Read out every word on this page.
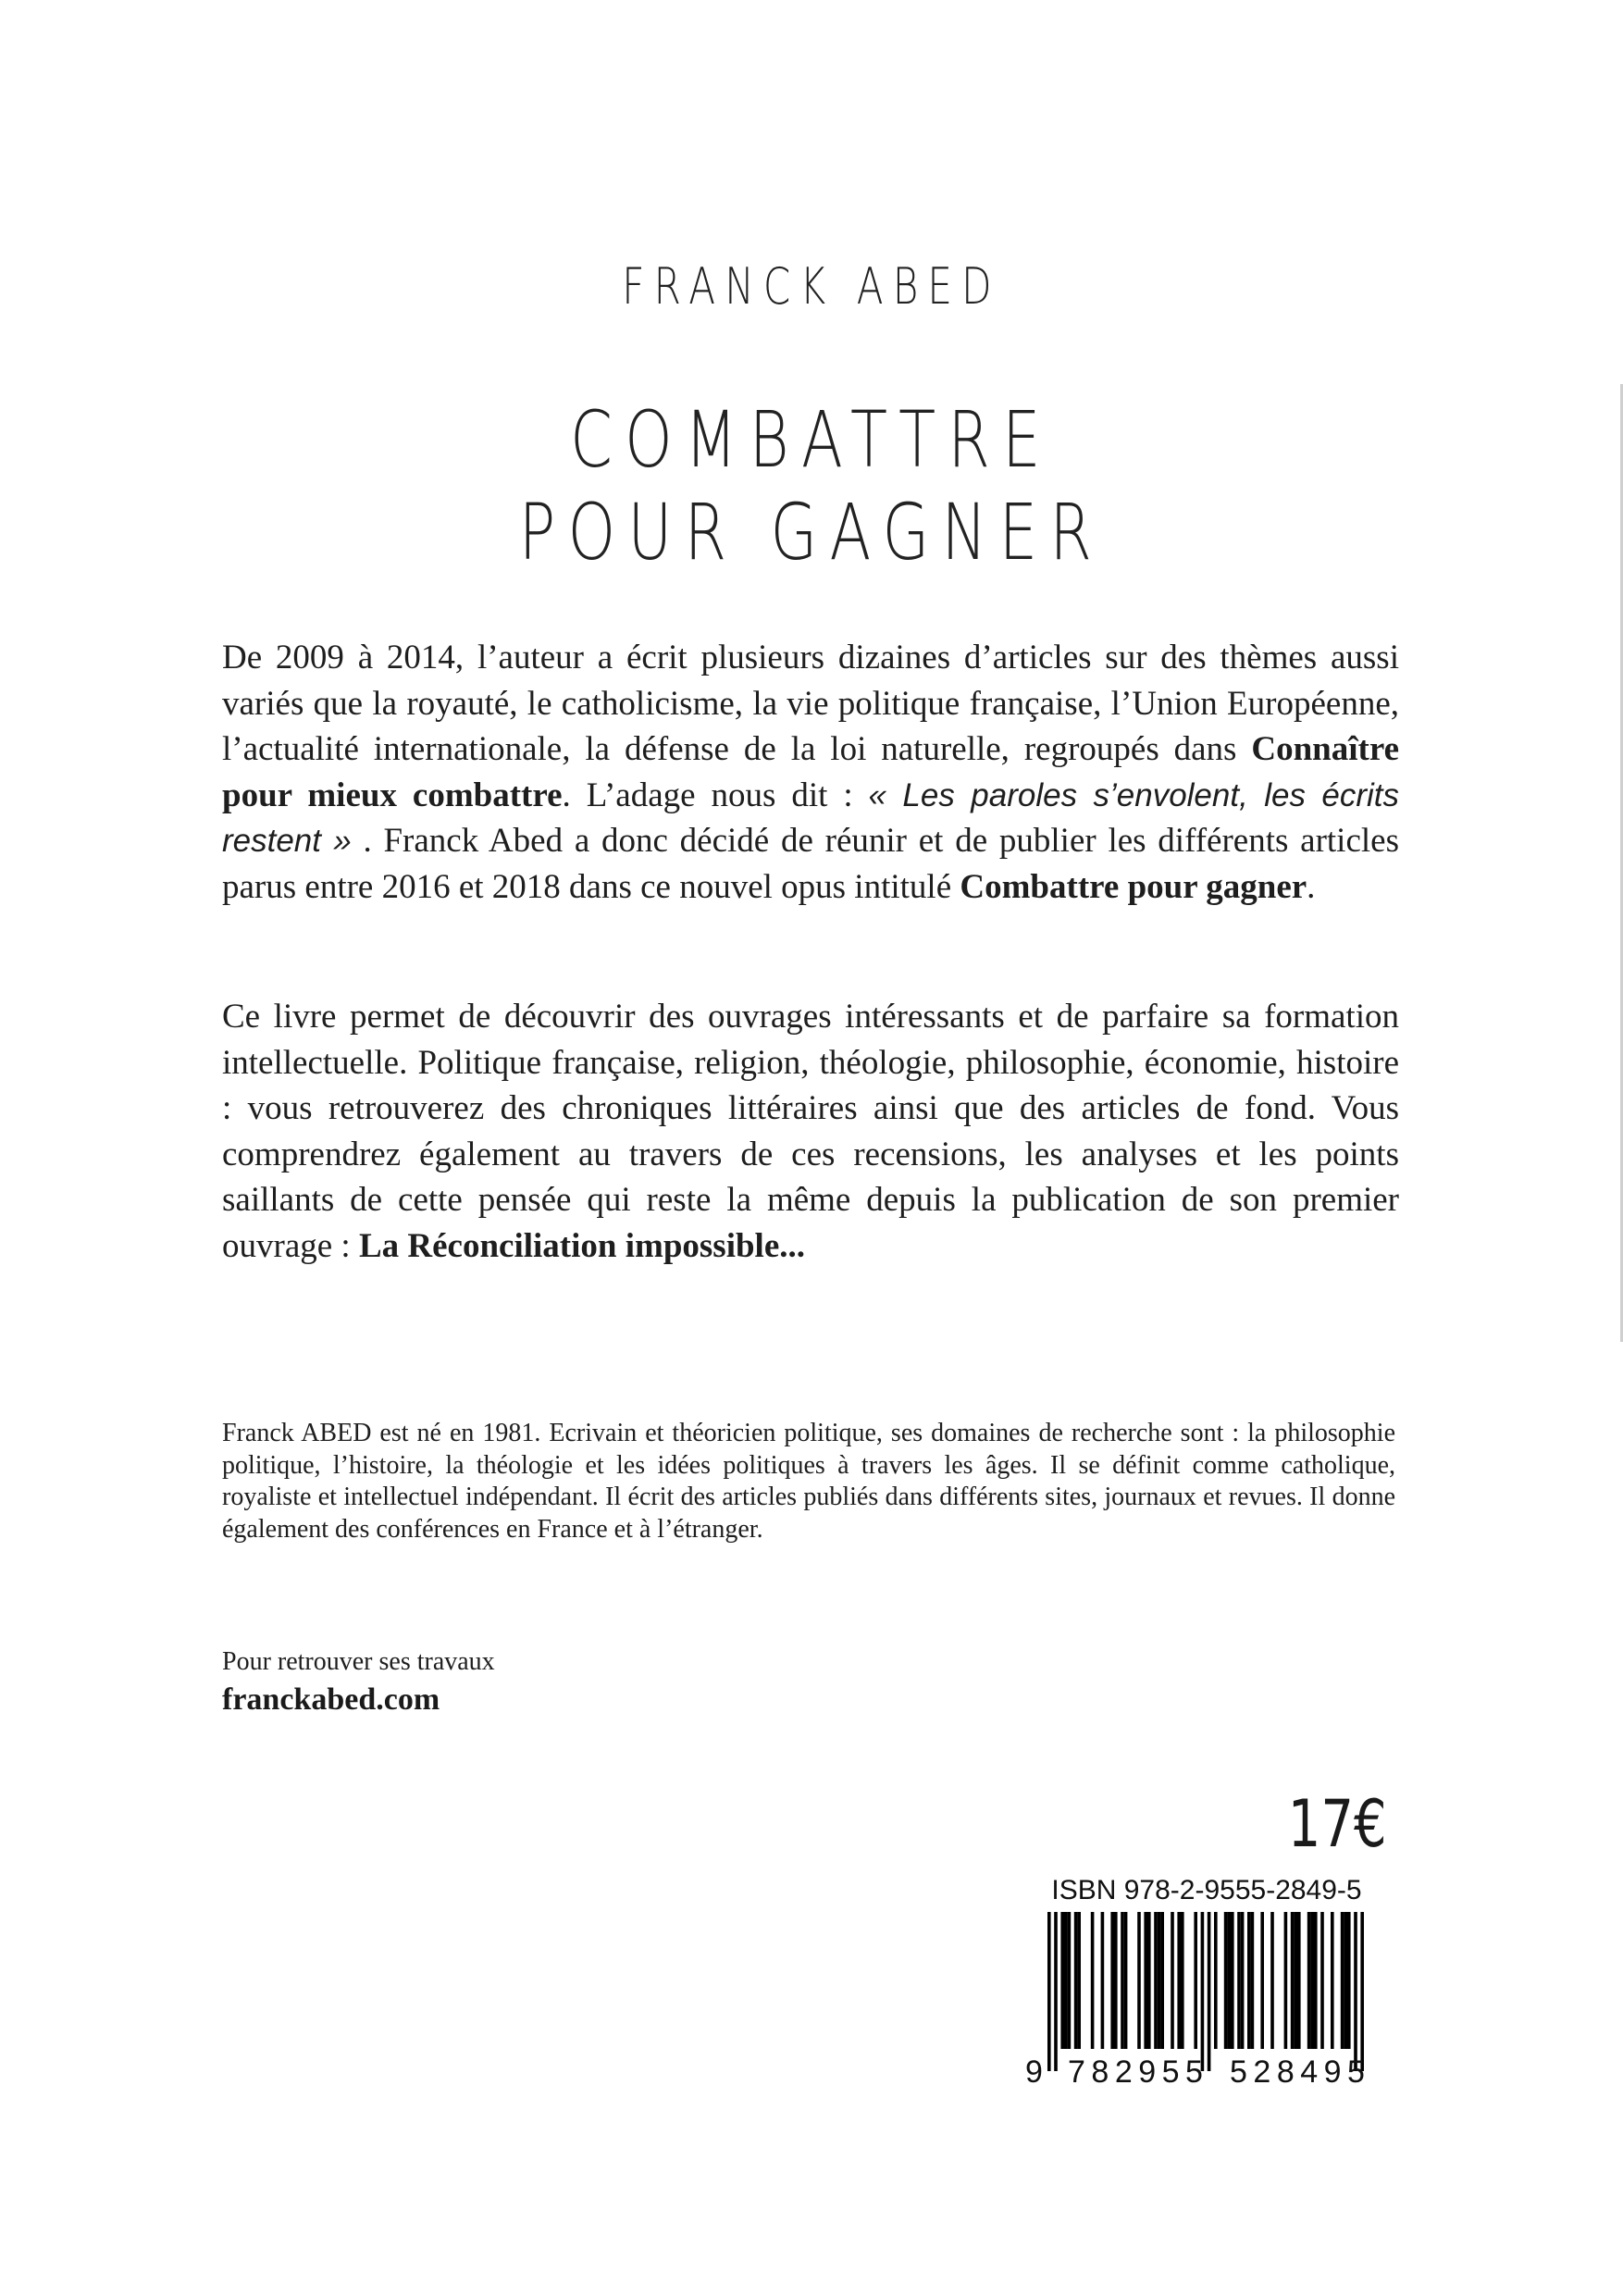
FRANCK ABED
COMBATTRE
POUR GAGNER
De 2009 à 2014, l’auteur a écrit plusieurs dizaines d’articles sur des thèmes aussi variés que la royauté, le catholicisme, la vie politique française, l’Union Européenne, l’actualité internationale, la défense de la loi naturelle, regroupés dans Connaître pour mieux combattre. L’adage nous dit : « Les paroles s’envolent, les écrits restent » . Franck Abed a donc décidé de réunir et de publier les différents articles parus entre 2016 et 2018 dans ce nouvel opus intitulé Combattre pour gagner.
Ce livre permet de découvrir des ouvrages intéressants et de parfaire sa formation intellectuelle. Politique française, religion, théologie, philosophie, économie, histoire : vous retrouverez des chroniques littéraires ainsi que des articles de fond. Vous comprendrez également au travers de ces recensions, les analyses et les points saillants de cette pensée qui reste la même depuis la publication de son premier ouvrage : La Réconciliation impossible...
Franck ABED est né en 1981. Ecrivain et théoricien politique, ses domaines de recherche sont : la philosophie politique, l’histoire, la théologie et les idées politiques à travers les âges. Il se définit comme catholique, royaliste et intellectuel indépendant. Il écrit des articles publiés dans différents sites, journaux et revues. Il donne également des conférences en France et à l’étranger.
Pour retrouver ses travaux
franckabed.com
17€
ISBN 978-2-9555-2849-5
9 782955 528495
